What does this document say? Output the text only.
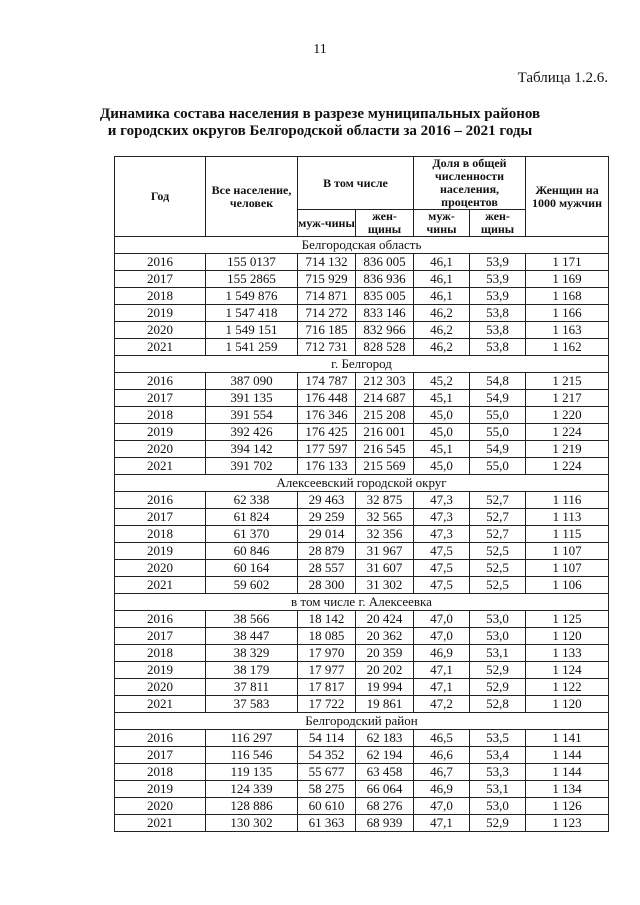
11
Таблица 1.2.6.
Динамика состава населения в разрезе муниципальных районов
и городских округов Белгородской области за 2016 – 2021 годы
Год	Все население, человек	В том числе		Доля в общей численности населения, процентов		Женщин на 1000 мужчин
		муж-чины	жен-щины	муж-чины	жен-щины	
Белгородская область						
2016	155 0137	714 132	836 005	46,1	53,9	1 171
2017	155 2865	715 929	836 936	46,1	53,9	1 169
2018	1 549 876	714 871	835 005	46,1	53,9	1 168
2019	1 547 418	714 272	833 146	46,2	53,8	1 166
2020	1 549 151	716 185	832 966	46,2	53,8	1 163
2021	1 541 259	712 731	828 528	46,2	53,8	1 162
г. Белгород						
2016	387 090	174 787	212 303	45,2	54,8	1 215
2017	391 135	176 448	214 687	45,1	54,9	1 217
2018	391 554	176 346	215 208	45,0	55,0	1 220
2019	392 426	176 425	216 001	45,0	55,0	1 224
2020	394 142	177 597	216 545	45,1	54,9	1 219
2021	391 702	176 133	215 569	45,0	55,0	1 224
Алексеевский городской округ						
2016	62 338	29 463	32 875	47,3	52,7	1 116
2017	61 824	29 259	32 565	47,3	52,7	1 113
2018	61 370	29 014	32 356	47,3	52,7	1 115
2019	60 846	28 879	31 967	47,5	52,5	1 107
2020	60 164	28 557	31 607	47,5	52,5	1 107
2021	59 602	28 300	31 302	47,5	52,5	1 106
в том числе г. Алексеевка						
2016	38 566	18 142	20 424	47,0	53,0	1 125
2017	38 447	18 085	20 362	47,0	53,0	1 120
2018	38 329	17 970	20 359	46,9	53,1	1 133
2019	38 179	17 977	20 202	47,1	52,9	1 124
2020	37 811	17 817	19 994	47,1	52,9	1 122
2021	37 583	17 722	19 861	47,2	52,8	1 120
Белгородский район						
2016	116 297	54 114	62 183	46,5	53,5	1 141
2017	116 546	54 352	62 194	46,6	53,4	1 144
2018	119 135	55 677	63 458	46,7	53,3	1 144
2019	124 339	58 275	66 064	46,9	53,1	1 134
2020	128 886	60 610	68 276	47,0	53,0	1 126
2021	130 302	61 363	68 939	47,1	52,9	1 123
